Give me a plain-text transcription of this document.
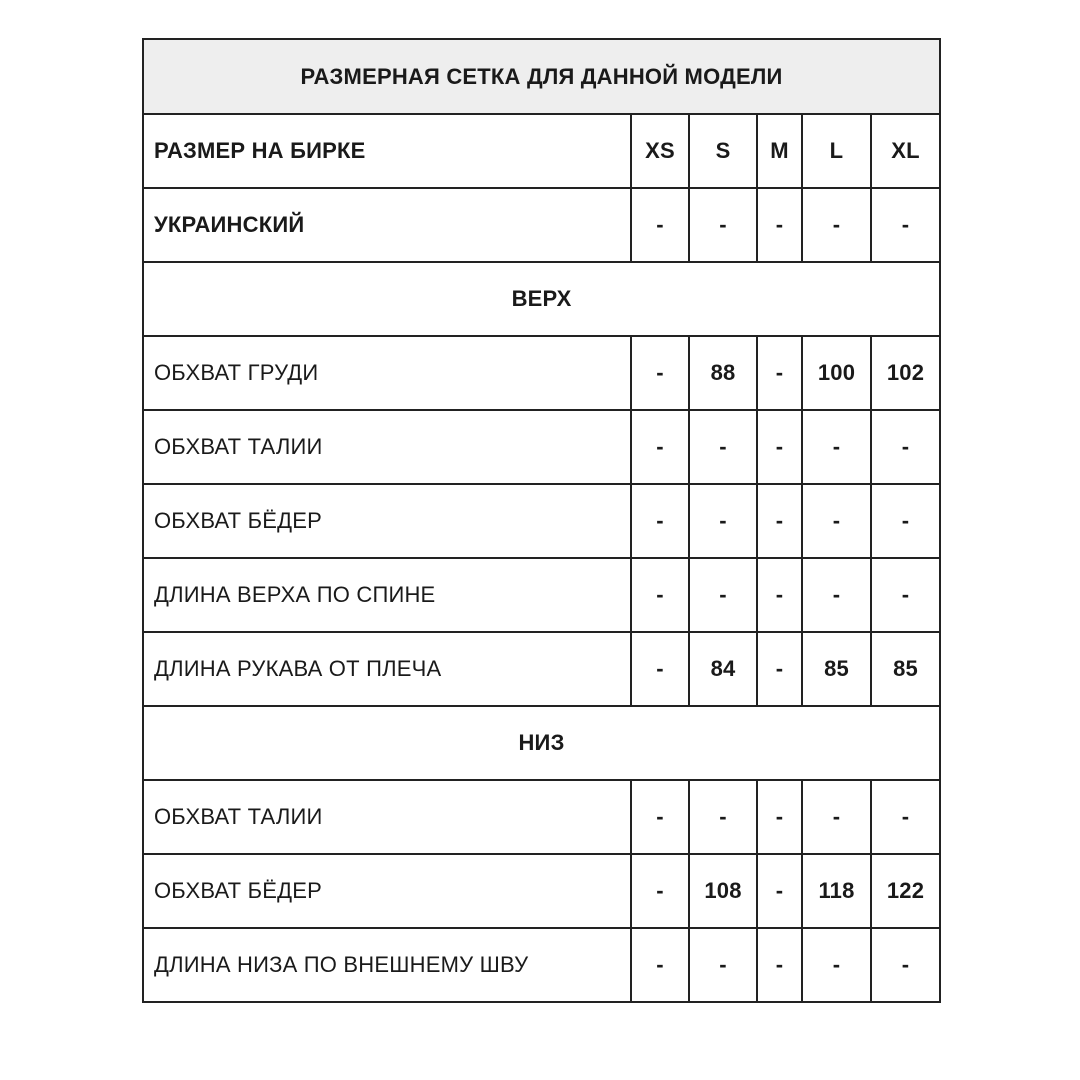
РАЗМЕРНАЯ СЕТКА ДЛЯ ДАННОЙ МОДЕЛИ					
РАЗМЕР НА БИРКЕ	XS	S	M	L	XL
УКРАИНСКИЙ	-	-	-	-	-
ВЕРХ					
ОБХВАТ ГРУДИ	-	88	-	100	102
ОБХВАТ ТАЛИИ	-	-	-	-	-
ОБХВАТ БЁДЕР	-	-	-	-	-
ДЛИНА ВЕРХА ПО СПИНЕ	-	-	-	-	-
ДЛИНА РУКАВА ОТ ПЛЕЧА	-	84	-	85	85
НИЗ					
ОБХВАТ ТАЛИИ	-	-	-	-	-
ОБХВАТ БЁДЕР	-	108	-	118	122
ДЛИНА НИЗА ПО ВНЕШНЕМУ ШВУ	-	-	-	-	-
